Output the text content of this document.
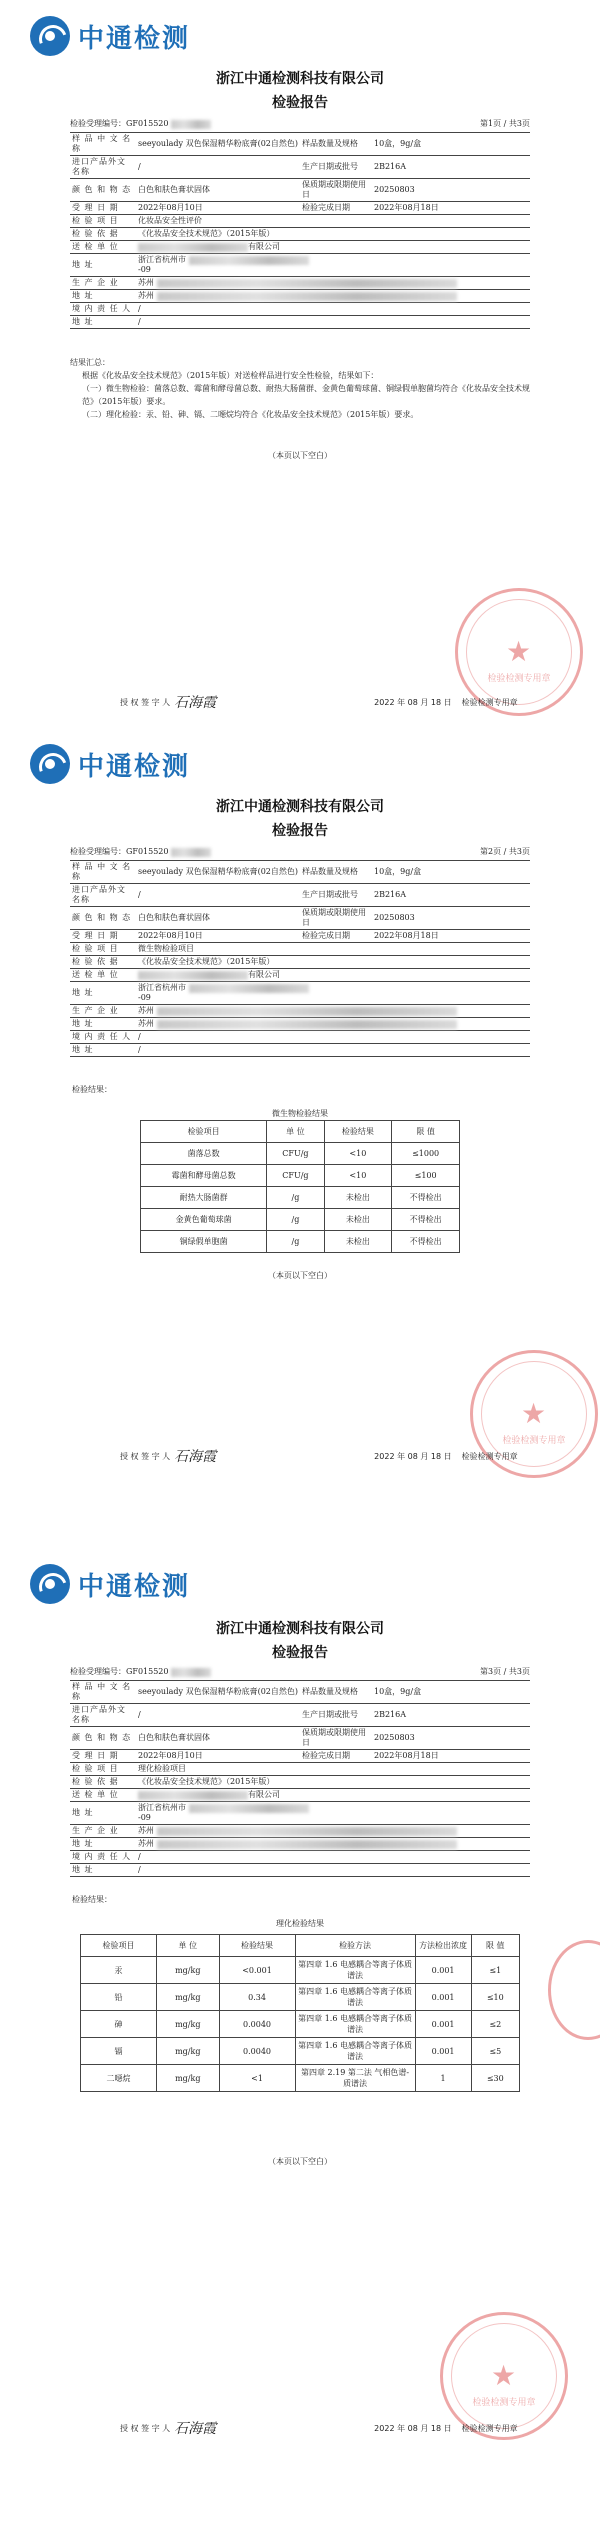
中通检测
浙江中通检测科技有限公司
检验报告
检验受理编号：GF015520	第1页 / 共3页
样 品 中 文 名 称	seeyoulady 双色保湿精华粉底膏(02自然色)	样品数量及规格	10盒，9g/盒
进口产品外文名称	/	生产日期或批号	2B216A
颜 色 和 物 态	白色和肤色膏状固体	保质期或限期使用日	20250803
受 理 日 期	2022年08月10日	检验完成日期	2022年08月18日
检 验 项 目	化妆品安全性评价		
检 验 依 据	《化妆品安全技术规范》（2015年版）		
送 检 单 位	有限公司		
地 址	浙江省杭州市
-09		
生 产 企 业	苏州		
地 址	苏州		
境 内 责 任 人	/		
地 址	/		

结果汇总：

根据《化妆品安全技术规范》（2015年版）对送检样品进行安全性检验，结果如下：

（一）微生物检验：菌落总数、霉菌和酵母菌总数、耐热大肠菌群、金黄色葡萄球菌、铜绿假单胞菌均符合《化妆品安全技术规范》（2015年版）要求。

（二）理化检验：汞、铅、砷、镉、二噁烷均符合《化妆品安全技术规范》（2015年版）要求。

（本页以下空白）
★
检验检测专用章
授 权 签 字 人 石海霞	2022 年 08 月 18 日 检验检测专用章
中通检测
浙江中通检测科技有限公司
检验报告
检验受理编号：GF015520	第2页 / 共3页
样 品 中 文 名 称	seeyoulady 双色保湿精华粉底膏(02自然色)	样品数量及规格	10盒，9g/盒
进口产品外文名称	/	生产日期或批号	2B216A
颜 色 和 物 态	白色和肤色膏状固体	保质期或限期使用日	20250803
受 理 日 期	2022年08月10日	检验完成日期	2022年08月18日
检 验 项 目	微生物检验项目		
检 验 依 据	《化妆品安全技术规范》（2015年版）		
送 检 单 位	有限公司		
地 址	浙江省杭州市
-09		
生 产 企 业	苏州		
地 址	苏州		
境 内 责 任 人	/		
地 址	/		
检验结果：
微生物检验结果
检验项目	单 位	检验结果	限 值
菌落总数	CFU/g	<10	≤1000
霉菌和酵母菌总数	CFU/g	<10	≤100
耐热大肠菌群	/g	未检出	不得检出
金黄色葡萄球菌	/g	未检出	不得检出
铜绿假单胞菌	/g	未检出	不得检出
（本页以下空白）
★
检验检测专用章
授 权 签 字 人 石海霞	2022 年 08 月 18 日 检验检测专用章
中通检测
浙江中通检测科技有限公司
检验报告
检验受理编号：GF015520	第3页 / 共3页
样 品 中 文 名 称	seeyoulady 双色保湿精华粉底膏(02自然色)	样品数量及规格	10盒，9g/盒
进口产品外文名称	/	生产日期或批号	2B216A
颜 色 和 物 态	白色和肤色膏状固体	保质期或限期使用日	20250803
受 理 日 期	2022年08月10日	检验完成日期	2022年08月18日
检 验 项 目	理化检验项目		
检 验 依 据	《化妆品安全技术规范》（2015年版）		
送 检 单 位	有限公司		
地 址	浙江省杭州市
-09		
生 产 企 业	苏州		
地 址	苏州		
境 内 责 任 人	/		
地 址	/		
检验结果：
理化检验结果
检验项目	单 位	检验结果	检验方法	方法检出浓度	限 值
汞	mg/kg	<0.001	第四章 1.6 电感耦合等离子体质谱法	0.001	≤1
铅	mg/kg	0.34	第四章 1.6 电感耦合等离子体质谱法	0.001	≤10
砷	mg/kg	0.0040	第四章 1.6 电感耦合等离子体质谱法	0.001	≤2
镉	mg/kg	0.0040	第四章 1.6 电感耦合等离子体质谱法	0.001	≤5
二噁烷	mg/kg	<1	第四章 2.19 第二法 气相色谱-质谱法	1	≤30
（本页以下空白）
★
检验检测专用章
授 权 签 字 人 石海霞	2022 年 08 月 18 日 检验检测专用章
